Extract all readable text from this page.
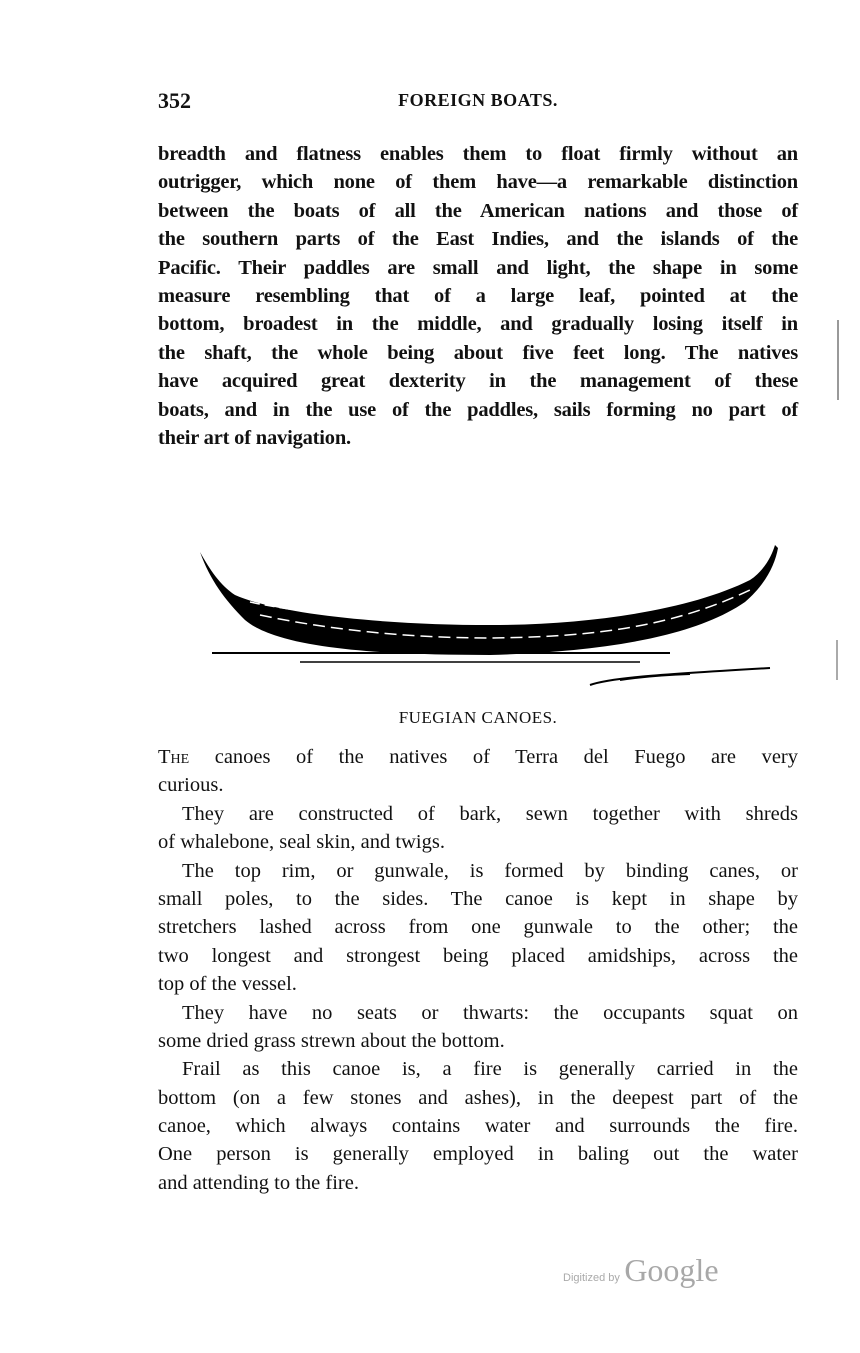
352	FOREIGN BOATS.
breadth and flatness enables them to float firmly without an
outrigger, which none of them have—a remarkable distinction
between the boats of all the American nations and those of
the southern parts of the East Indies, and the islands of the
Pacific. Their paddles are small and light, the shape in some
measure resembling that of a large leaf, pointed at the
bottom, broadest in the middle, and gradually losing itself in
the shaft, the whole being about five feet long. The natives
have acquired great dexterity in the management of these
boats, and in the use of the paddles, sails forming no part of
their art of navigation.
FUEGIAN CANOES.
The canoes of the natives of Terra del Fuego are very
curious.
They are constructed of bark, sewn together with shreds
of whalebone, seal skin, and twigs.
The top rim, or gunwale, is formed by binding canes, or
small poles, to the sides. The canoe is kept in shape by
stretchers lashed across from one gunwale to the other; the
two longest and strongest being placed amidships, across the
top of the vessel.
They have no seats or thwarts: the occupants squat on
some dried grass strewn about the bottom.
Frail as this canoe is, a fire is generally carried in the
bottom (on a few stones and ashes), in the deepest part of the
canoe, which always contains water and surrounds the fire.
One person is generally employed in baling out the water
and attending to the fire.
Digitized by Google
